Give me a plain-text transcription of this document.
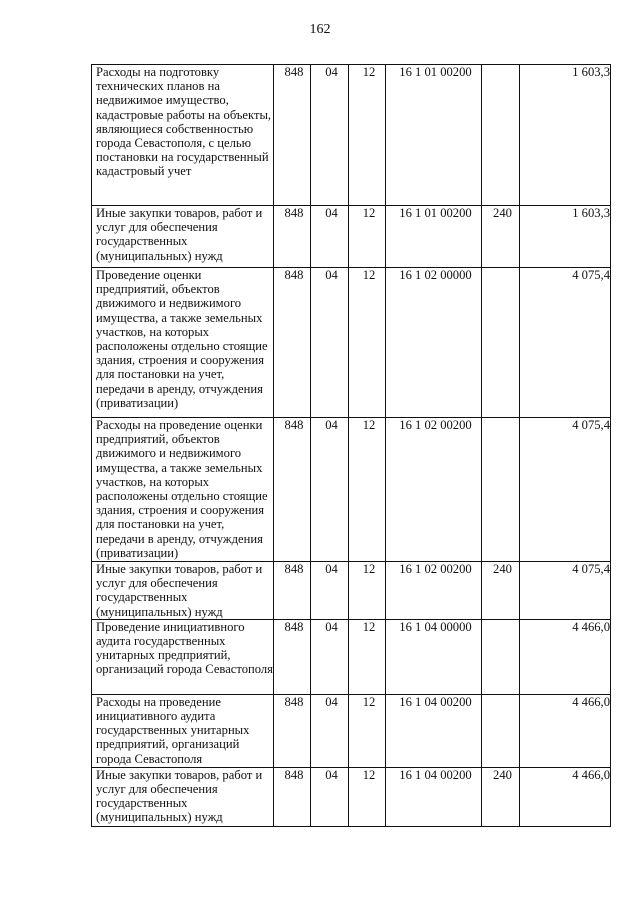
162
Расходы на подготовку технических планов на недвижимое имущество, кадастровые работы на объекты, являющиеся собственностью города Севастополя, с целью постановки на государственный кадастровый учет	848	04	12	16 1 01 00200		1 603,3
Иные закупки товаров, работ и услуг для обеспечения государственных (муниципальных) нужд	848	04	12	16 1 01 00200	240	1 603,3
Проведение оценки предприятий, объектов движимого и недвижимого имущества, а также земельных участков, на которых расположены отдельно стоящие здания, строения и сооружения для постановки на учет, передачи в аренду, отчуждения (приватизации)	848	04	12	16 1 02 00000		4 075,4
Расходы на проведение оценки предприятий, объектов движимого и недвижимого имущества, а также земельных участков, на которых расположены отдельно стоящие здания, строения и сооружения для постановки на учет, передачи в аренду, отчуждения (приватизации)	848	04	12	16 1 02 00200		4 075,4
Иные закупки товаров, работ и услуг для обеспечения государственных (муниципальных) нужд	848	04	12	16 1 02 00200	240	4 075,4
Проведение инициативного аудита государственных унитарных предприятий, организаций города Севастополя	848	04	12	16 1 04 00000		4 466,0
Расходы на проведение инициативного аудита государственных унитарных предприятий, организаций города Севастополя	848	04	12	16 1 04 00200		4 466,0
Иные закупки товаров, работ и услуг для обеспечения государственных (муниципальных) нужд	848	04	12	16 1 04 00200	240	4 466,0
